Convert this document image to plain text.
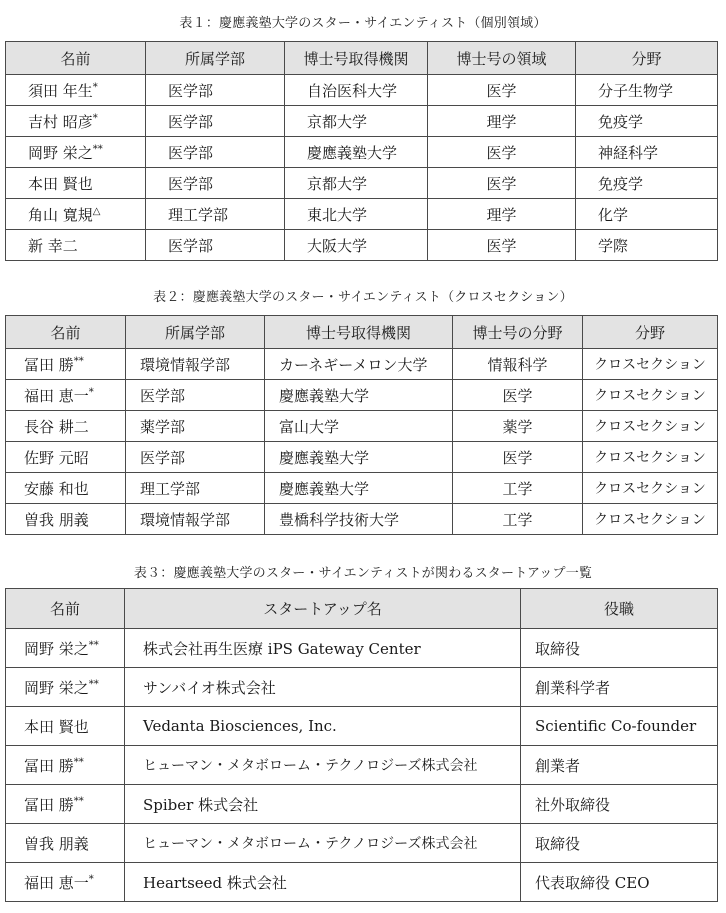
表１：慶應義塾大学のスター・サイエンティスト（個別領域）
名前	所属学部	博士号取得機関	博士号の領域	分野
須田 年生*	医学部	自治医科大学	医学	分子生物学
吉村 昭彦*	医学部	京都大学	理学	免疫学
岡野 栄之**	医学部	慶應義塾大学	医学	神経科学
本田 賢也	医学部	京都大学	医学	免疫学
角山 寛規△	理工学部	東北大学	理学	化学
新 幸二	医学部	大阪大学	医学	学際
表２：慶應義塾大学のスター・サイエンティスト（クロスセクション）
名前	所属学部	博士号取得機関	博士号の分野	分野
冨田 勝**	環境情報学部	カーネギーメロン大学	情報科学	クロスセクション
福田 恵一*	医学部	慶應義塾大学	医学	クロスセクション
長谷 耕二	薬学部	富山大学	薬学	クロスセクション
佐野 元昭	医学部	慶應義塾大学	医学	クロスセクション
安藤 和也	理工学部	慶應義塾大学	工学	クロスセクション
曽我 朋義	環境情報学部	豊橋科学技術大学	工学	クロスセクション
表３：慶應義塾大学のスター・サイエンティストが関わるスタートアップ一覧
名前	スタートアップ名	役職
岡野 栄之**	株式会社再生医療 iPS Gateway Center	取締役
岡野 栄之**	サンバイオ株式会社	創業科学者
本田 賢也	Vedanta Biosciences, Inc.	Scientific Co-founder
冨田 勝**	ヒューマン・メタボローム・テクノロジーズ株式会社	創業者
冨田 勝**	Spiber 株式会社	社外取締役
曽我 朋義	ヒューマン・メタボローム・テクノロジーズ株式会社	取締役
福田 恵一*	Heartseed 株式会社	代表取締役 CEO
